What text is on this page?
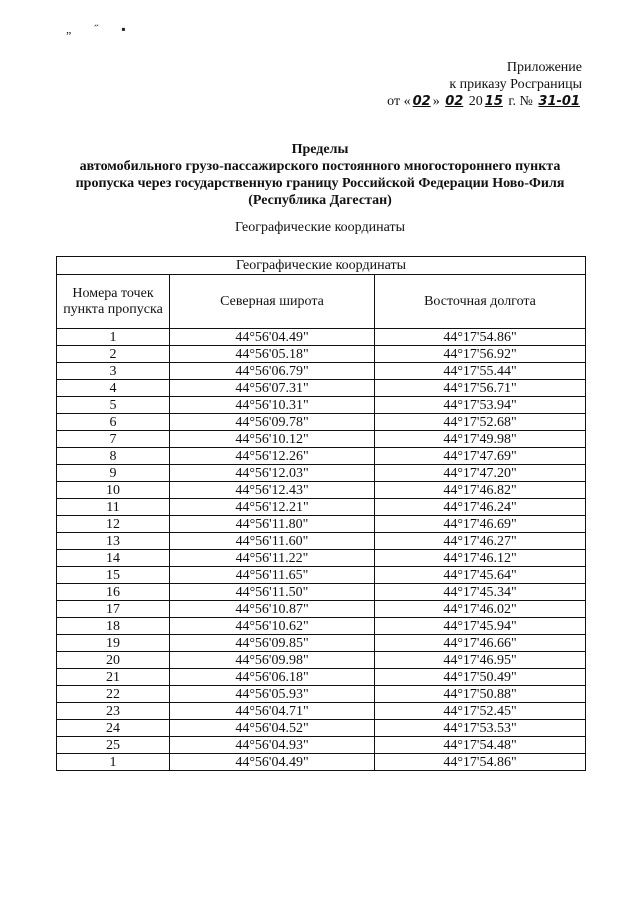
„ ˝ ▪
Приложение
к приказу Росграницы
от « 02 » 02 20 15 г. № 31-01
Пределы
автомобильного грузо-пассажирского постоянного многостороннего пункта
пропуска через государственную границу Российской Федерации Ново-Филя
(Республика Дагестан)
Географические координаты
Географические координаты		
Номера точек пункта пропуска	Северная широта	Восточная долгота
1	44°56'04.49"	44°17'54.86"
2	44°56'05.18"	44°17'56.92"
3	44°56'06.79"	44°17'55.44"
4	44°56'07.31"	44°17'56.71"
5	44°56'10.31"	44°17'53.94"
6	44°56'09.78"	44°17'52.68"
7	44°56'10.12"	44°17'49.98"
8	44°56'12.26"	44°17'47.69"
9	44°56'12.03"	44°17'47.20"
10	44°56'12.43"	44°17'46.82"
11	44°56'12.21"	44°17'46.24"
12	44°56'11.80"	44°17'46.69"
13	44°56'11.60"	44°17'46.27"
14	44°56'11.22"	44°17'46.12"
15	44°56'11.65"	44°17'45.64"
16	44°56'11.50"	44°17'45.34"
17	44°56'10.87"	44°17'46.02"
18	44°56'10.62"	44°17'45.94"
19	44°56'09.85"	44°17'46.66"
20	44°56'09.98"	44°17'46.95"
21	44°56'06.18"	44°17'50.49"
22	44°56'05.93"	44°17'50.88"
23	44°56'04.71"	44°17'52.45"
24	44°56'04.52"	44°17'53.53"
25	44°56'04.93"	44°17'54.48"
1	44°56'04.49"	44°17'54.86"
